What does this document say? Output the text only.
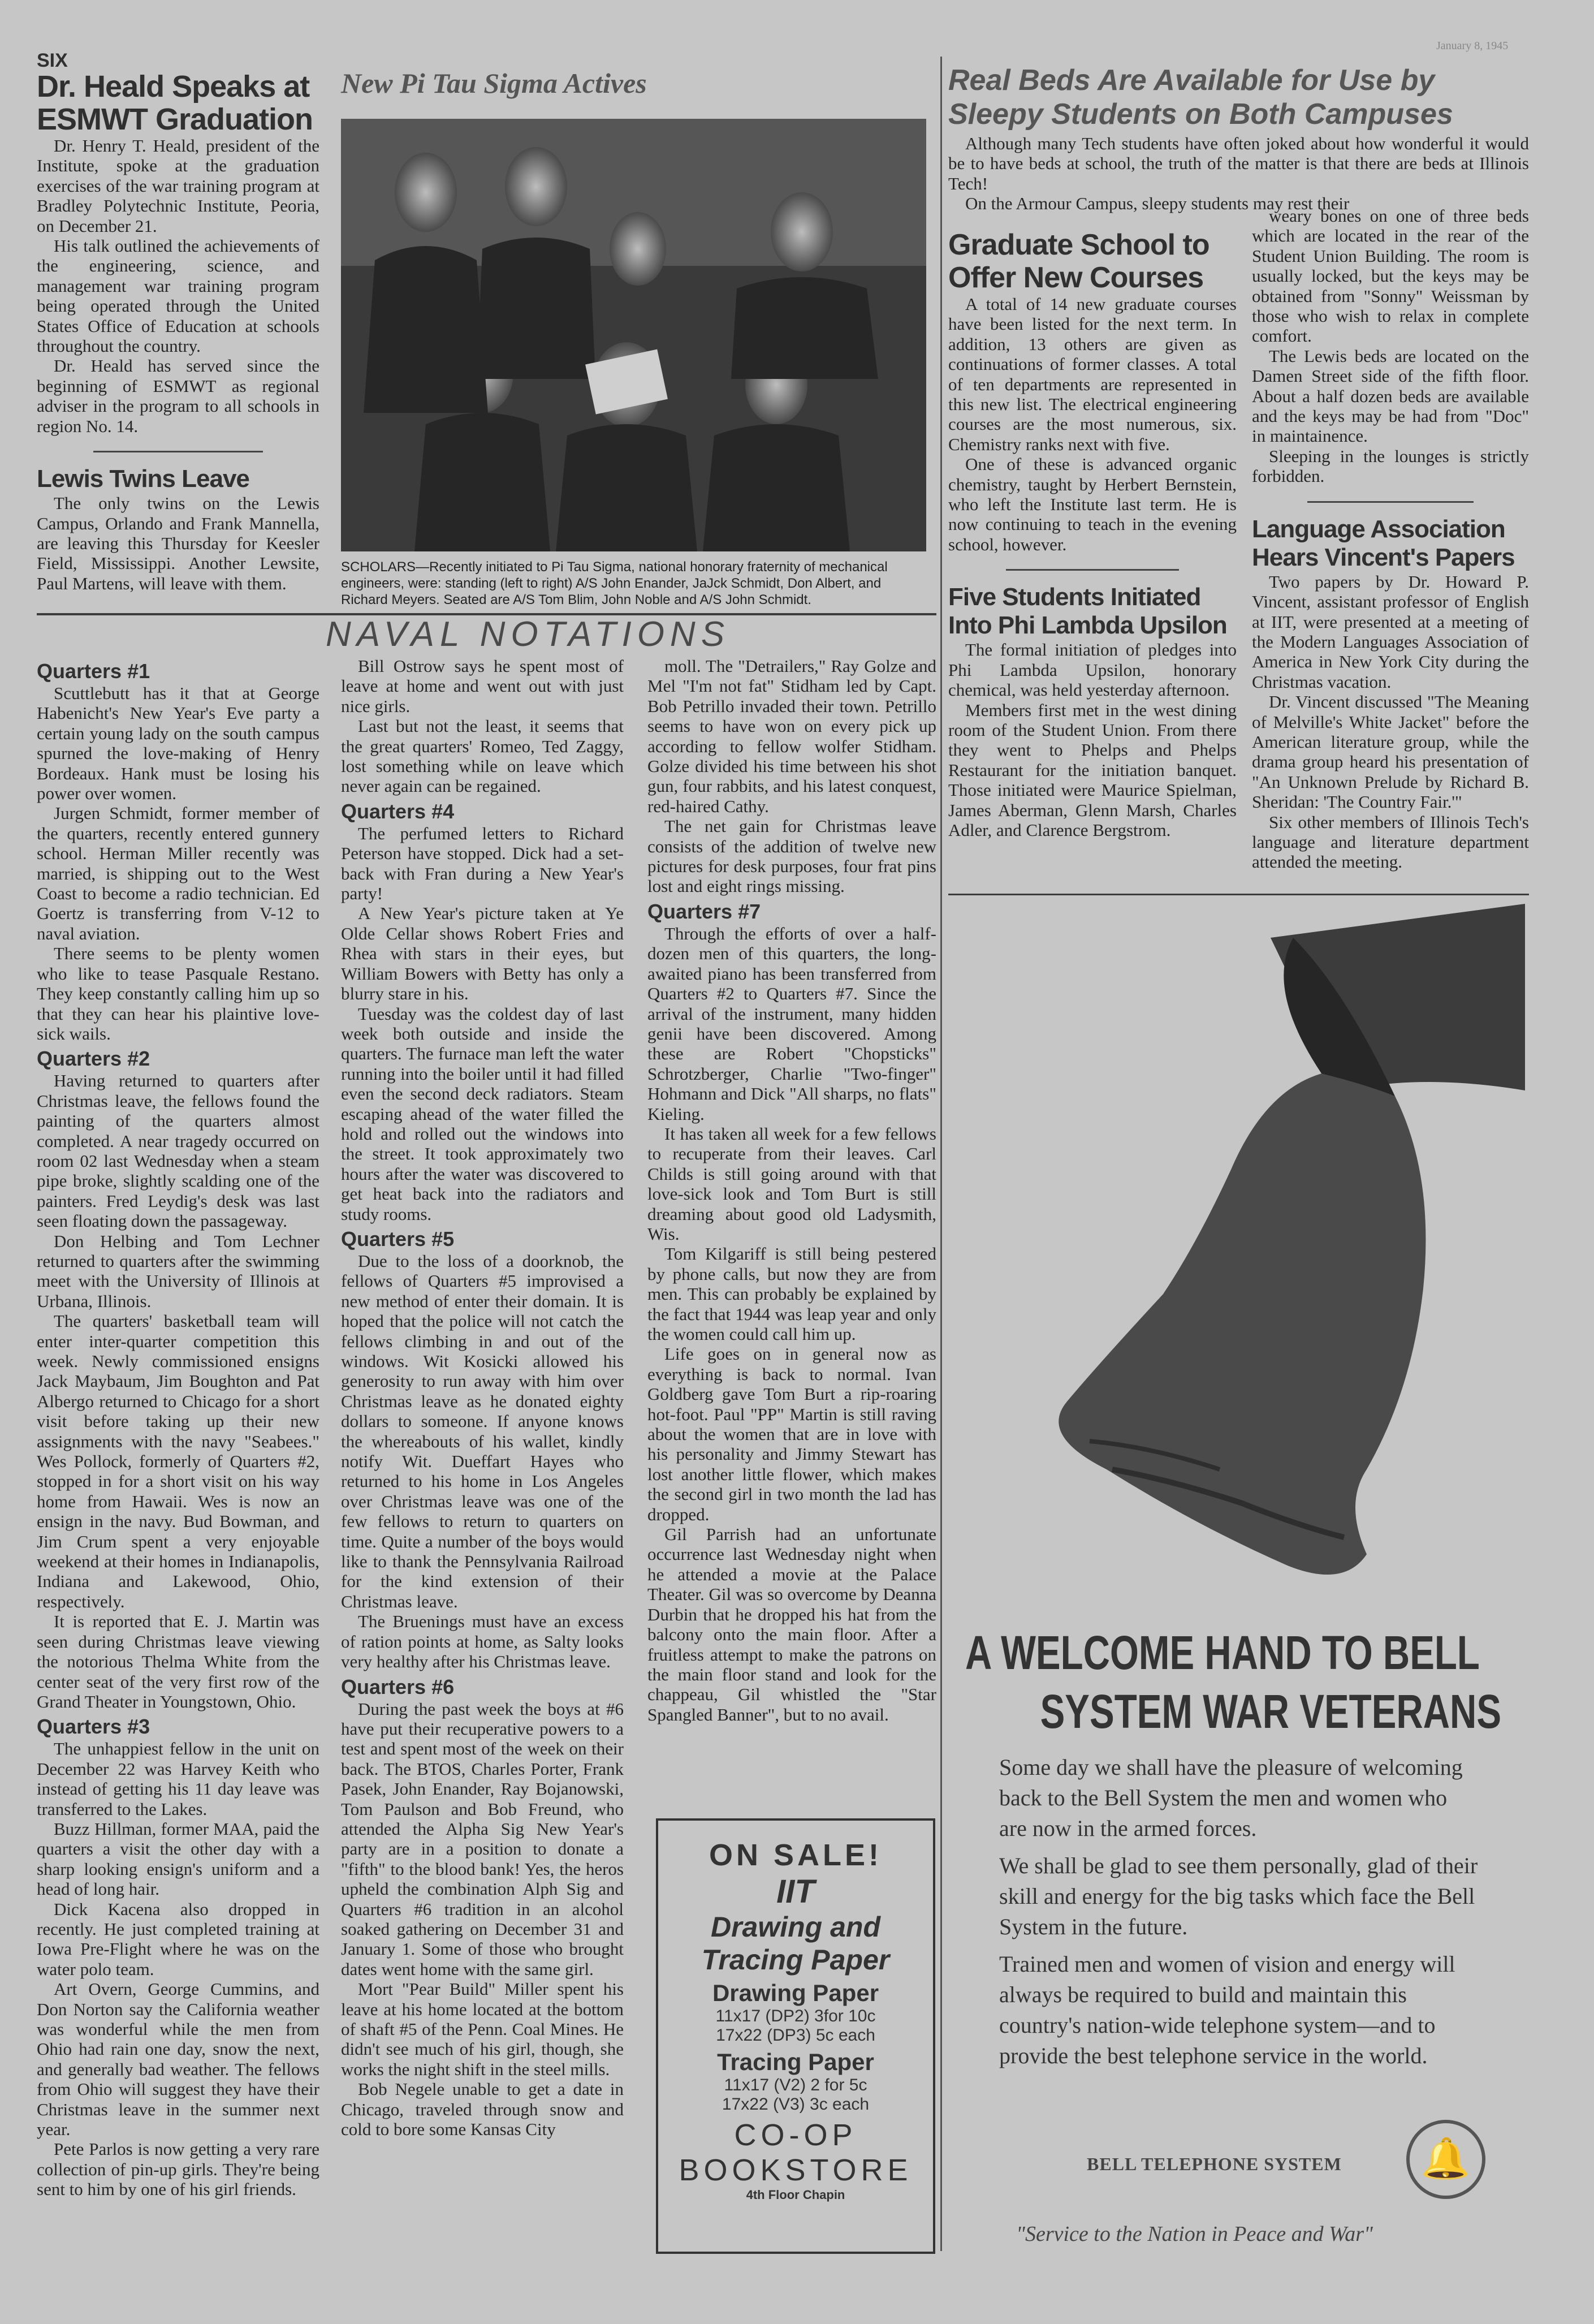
SIX
January 8, 1945
Dr. Heald Speaks at ESMWT Graduation

Dr. Henry T. Heald, president of the Institute, spoke at the graduation exercises of the war training program at Bradley Polytechnic Institute, Peoria, on December 21.

His talk outlined the achievements of the engineering, science, and management war training program being operated through the United States Office of Education at schools throughout the country.

Dr. Heald has served since the beginning of ESMWT as regional adviser in the program to all schools in region No. 14.

Lewis Twins Leave

The only twins on the Lewis Campus, Orlando and Frank Mannella, are leaving this Thursday for Keesler Field, Mississippi. Another Lewsite, Paul Martens, will leave with them.

New Pi Tau Sigma Actives
SCHOLARS—Recently initiated to Pi Tau Sigma, national honorary fraternity of mechanical engineers, were: standing (left to right) A/S John Enander, JaJck Schmidt, Don Albert, and Richard Meyers. Seated are A/S Tom Blim, John Noble and A/S John Schmidt.
Real Beds Are Available for Use by Sleepy Students on Both Campuses

Although many Tech students have often joked about how wonderful it would be to have beds at school, the truth of the matter is that there are beds at Illinois Tech!

On the Armour Campus, sleepy students may rest their

Graduate School to Offer New Courses

A total of 14 new graduate courses have been listed for the next term. In addition, 13 others are given as continuations of former classes. A total of ten departments are represented in this new list. The electrical engineering courses are the most numerous, six. Chemistry ranks next with five.

One of these is advanced organic chemistry, taught by Herbert Bernstein, who left the Institute last term. He is now continuing to teach in the evening school, however.

Five Students Initiated Into Phi Lambda Upsilon

The formal initiation of pledges into Phi Lambda Upsilon, honorary chemical, was held yesterday afternoon.

Members first met in the west dining room of the Student Union. From there they went to Phelps and Phelps Restaurant for the initiation banquet. Those initiated were Maurice Spielman, James Aberman, Glenn Marsh, Charles Adler, and Clarence Bergstrom.

weary bones on one of three beds which are located in the rear of the Student Union Building. The room is usually locked, but the keys may be obtained from "Sonny" Weissman by those who wish to relax in complete comfort.

The Lewis beds are located on the Damen Street side of the fifth floor. About a half dozen beds are available and the keys may be had from "Doc" in maintainence.

Sleeping in the lounges is strictly forbidden.

Language Association Hears Vincent's Papers

Two papers by Dr. Howard P. Vincent, assistant professor of English at IIT, were presented at a meeting of the Modern Languages Association of America in New York City during the Christmas vacation.

Dr. Vincent discussed "The Meaning of Melville's White Jacket" before the American literature group, while the drama group heard his presentation of "An Unknown Prelude by Richard B. Sheridan: 'The Country Fair.'"

Six other members of Illinois Tech's language and literature department attended the meeting.

NAVAL NOTATIONS
Quarters #1

Scuttlebutt has it that at George Habenicht's New Year's Eve party a certain young lady on the south campus spurned the love-making of Henry Bordeaux. Hank must be losing his power over women.

Jurgen Schmidt, former member of the quarters, recently entered gunnery school. Herman Miller recently was married, is shipping out to the West Coast to become a radio technician. Ed Goertz is transferring from V-12 to naval aviation.

There seems to be plenty women who like to tease Pasquale Restano. They keep constantly calling him up so that they can hear his plaintive love-sick wails.

Quarters #2

Having returned to quarters after Christmas leave, the fellows found the painting of the quarters almost completed. A near tragedy occurred on room 02 last Wednesday when a steam pipe broke, slightly scalding one of the painters. Fred Leydig's desk was last seen floating down the passageway.

Don Helbing and Tom Lechner returned to quarters after the swimming meet with the University of Illinois at Urbana, Illinois.

The quarters' basketball team will enter inter-quarter competition this week. Newly commissioned ensigns Jack Maybaum, Jim Boughton and Pat Albergo returned to Chicago for a short visit before taking up their new assignments with the navy "Seabees." Wes Pollock, formerly of Quarters #2, stopped in for a short visit on his way home from Hawaii. Wes is now an ensign in the navy. Bud Bowman, and Jim Crum spent a very enjoyable weekend at their homes in Indianapolis, Indiana and Lakewood, Ohio, respectively.

It is reported that E. J. Martin was seen during Christmas leave viewing the notorious Thelma White from the center seat of the very first row of the Grand Theater in Youngstown, Ohio.

Quarters #3

The unhappiest fellow in the unit on December 22 was Harvey Keith who instead of getting his 11 day leave was transferred to the Lakes.

Buzz Hillman, former MAA, paid the quarters a visit the other day with a sharp looking ensign's uniform and a head of long hair.

Dick Kacena also dropped in recently. He just completed training at Iowa Pre-Flight where he was on the water polo team.

Art Overn, George Cummins, and Don Norton say the California weather was wonderful while the men from Ohio had rain one day, snow the next, and generally bad weather. The fellows from Ohio will suggest they have their Christmas leave in the summer next year.

Pete Parlos is now getting a very rare collection of pin-up girls. They're being sent to him by one of his girl friends.

Bill Ostrow says he spent most of leave at home and went out with just nice girls.

Last but not the least, it seems that the great quarters' Romeo, Ted Zaggy, lost something while on leave which never again can be regained.

Quarters #4

The perfumed letters to Richard Peterson have stopped. Dick had a set-back with Fran during a New Year's party!

A New Year's picture taken at Ye Olde Cellar shows Robert Fries and Rhea with stars in their eyes, but William Bowers with Betty has only a blurry stare in his.

Tuesday was the coldest day of last week both outside and inside the quarters. The furnace man left the water running into the boiler until it had filled even the second deck radiators. Steam escaping ahead of the water filled the hold and rolled out the windows into the street. It took approximately two hours after the water was discovered to get heat back into the radiators and study rooms.

Quarters #5

Due to the loss of a doorknob, the fellows of Quarters #5 improvised a new method of enter their domain. It is hoped that the police will not catch the fellows climbing in and out of the windows. Wit Kosicki allowed his generosity to run away with him over Christmas leave as he donated eighty dollars to someone. If anyone knows the whereabouts of his wallet, kindly notify Wit. Dueffart Hayes who returned to his home in Los Angeles over Christmas leave was one of the few fellows to return to quarters on time. Quite a number of the boys would like to thank the Pennsylvania Railroad for the kind extension of their Christmas leave.

The Bruenings must have an excess of ration points at home, as Salty looks very healthy after his Christmas leave.

Quarters #6

During the past week the boys at #6 have put their recuperative powers to a test and spent most of the week on their back. The BTOS, Charles Porter, Frank Pasek, John Enander, Ray Bojanowski, Tom Paulson and Bob Freund, who attended the Alpha Sig New Year's party are in a position to donate a "fifth" to the blood bank! Yes, the heros upheld the combination Alph Sig and Quarters #6 tradition in an alcohol soaked gathering on December 31 and January 1. Some of those who brought dates went home with the same girl.

Mort "Pear Build" Miller spent his leave at his home located at the bottom of shaft #5 of the Penn. Coal Mines. He didn't see much of his girl, though, she works the night shift in the steel mills.

Bob Negele unable to get a date in Chicago, traveled through snow and cold to bore some Kansas City

moll. The "Detrailers," Ray Golze and Mel "I'm not fat" Stidham led by Capt. Bob Petrillo invaded their town. Petrillo seems to have won on every pick up according to fellow wolfer Stidham. Golze divided his time between his shot gun, four rabbits, and his latest conquest, red-haired Cathy.

The net gain for Christmas leave consists of the addition of twelve new pictures for desk purposes, four frat pins lost and eight rings missing.

Quarters #7

Through the efforts of over a half-dozen men of this quarters, the long-awaited piano has been transferred from Quarters #2 to Quarters #7. Since the arrival of the instrument, many hidden genii have been discovered. Among these are Robert "Chopsticks" Schrotzberger, Charlie "Two-finger" Hohmann and Dick "All sharps, no flats" Kieling.

It has taken all week for a few fellows to recuperate from their leaves. Carl Childs is still going around with that love-sick look and Tom Burt is still dreaming about good old Ladysmith, Wis.

Tom Kilgariff is still being pestered by phone calls, but now they are from men. This can probably be explained by the fact that 1944 was leap year and only the women could call him up.

Life goes on in general now as everything is back to normal. Ivan Goldberg gave Tom Burt a rip-roaring hot-foot. Paul "PP" Martin is still raving about the women that are in love with his personality and Jimmy Stewart has lost another little flower, which makes the second girl in two month the lad has dropped.

Gil Parrish had an unfortunate occurrence last Wednesday night when he attended a movie at the Palace Theater. Gil was so overcome by Deanna Durbin that he dropped his hat from the balcony onto the main floor. After a fruitless attempt to make the patrons on the main floor stand and look for the chappeau, Gil whistled the "Star Spangled Banner", but to no avail.

ON SALE!
IIT
Drawing and Tracing Paper
Drawing Paper
11x17 (DP2) 3for 10c
17x22 (DP3) 5c each
Tracing Paper
11x17 (V2) 2 for 5c
17x22 (V3) 3c each
CO-OP
BOOKSTORE
4th Floor Chapin
A WELCOME HAND TO BELL
SYSTEM WAR VETERANS

Some day we shall have the pleasure of welcoming back to the Bell System the men and women who are now in the armed forces.

We shall be glad to see them personally, glad of their skill and energy for the big tasks which face the Bell System in the future.

Trained men and women of vision and energy will always be required to build and maintain this country's nation-wide telephone system—and to provide the best telephone service in the world.

BELL TELEPHONE SYSTEM	🔔
"Service to the Nation in Peace and War"
